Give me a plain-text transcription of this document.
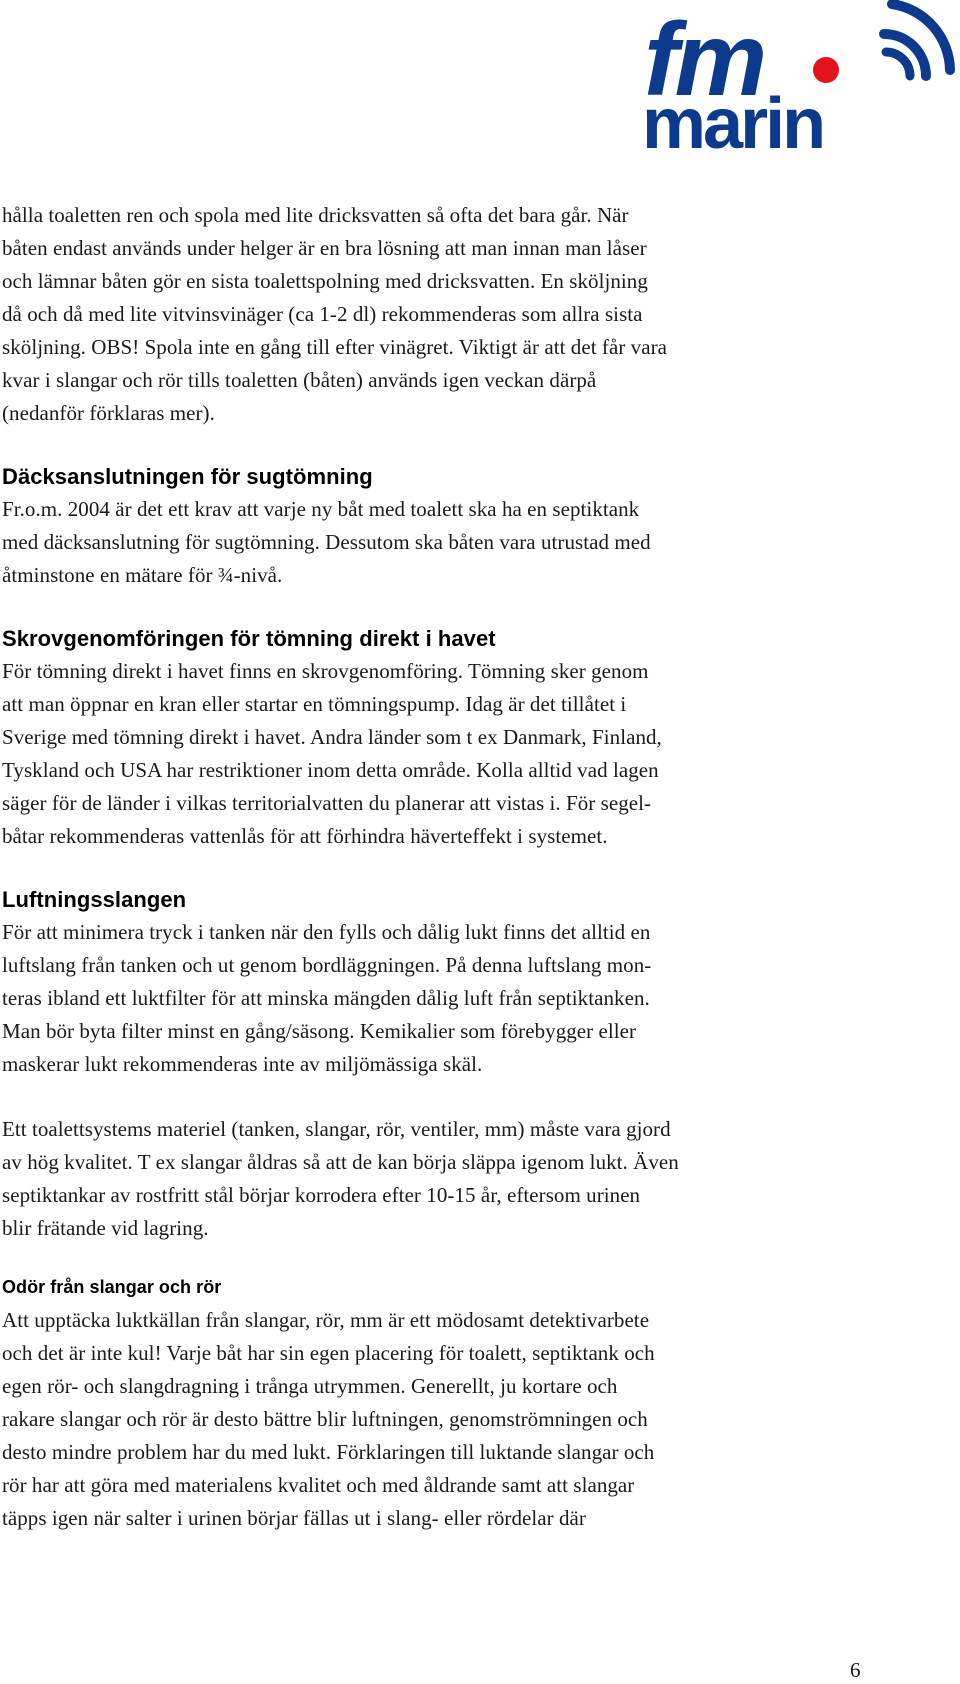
fm
marin

hålla toaletten ren och spola med lite dricksvatten så ofta det bara går. När
båten endast används under helger är en bra lösning att man innan man låser
och lämnar båten gör en sista toalettspolning med dricksvatten. En sköljning
då och då med lite vitvinsvinäger (ca 1-2 dl) rekommenderas som allra sista
sköljning. OBS! Spola inte en gång till efter vinägret. Viktigt är att det får vara
kvar i slangar och rör tills toaletten (båten) används igen veckan därpå
(nedanför förklaras mer).

Däcksanslutningen för sugtömning

Fr.o.m. 2004 är det ett krav att varje ny båt med toalett ska ha en septiktank
med däcksanslutning för sugtömning. Dessutom ska båten vara utrustad med
åtminstone en mätare för ¾-nivå.

Skrovgenomföringen för tömning direkt i havet

För tömning direkt i havet finns en skrovgenomföring. Tömning sker genom
att man öppnar en kran eller startar en tömningspump. Idag är det tillåtet i
Sverige med tömning direkt i havet. Andra länder som t ex Danmark, Finland,
Tyskland och USA har restriktioner inom detta område. Kolla alltid vad lagen
säger för de länder i vilkas territorialvatten du planerar att vistas i. För segel-
båtar rekommenderas vattenlås för att förhindra häverteffekt i systemet.

Luftningsslangen

För att minimera tryck i tanken när den fylls och dålig lukt finns det alltid en
luftslang från tanken och ut genom bordläggningen. På denna luftslang mon-
teras ibland ett luktfilter för att minska mängden dålig luft från septiktanken.
Man bör byta filter minst en gång/säsong. Kemikalier som förebygger eller
maskerar lukt rekommenderas inte av miljömässiga skäl.

Ett toalettsystems materiel (tanken, slangar, rör, ventiler, mm) måste vara gjord
av hög kvalitet. T ex slangar åldras så att de kan börja släppa igenom lukt. Även
septiktankar av rostfritt stål börjar korrodera efter 10-15 år, eftersom urinen
blir frätande vid lagring.

Odör från slangar och rör

Att upptäcka luktkällan från slangar, rör, mm är ett mödosamt detektivarbete
och det är inte kul! Varje båt har sin egen placering för toalett, septiktank och
egen rör- och slangdragning i trånga utrymmen. Generellt, ju kortare och
rakare slangar och rör är desto bättre blir luftningen, genomströmningen och
desto mindre problem har du med lukt. Förklaringen till luktande slangar och
rör har att göra med materialens kvalitet och med åldrande samt att slangar
täpps igen när salter i urinen börjar fällas ut i slang- eller rördelar där

6
